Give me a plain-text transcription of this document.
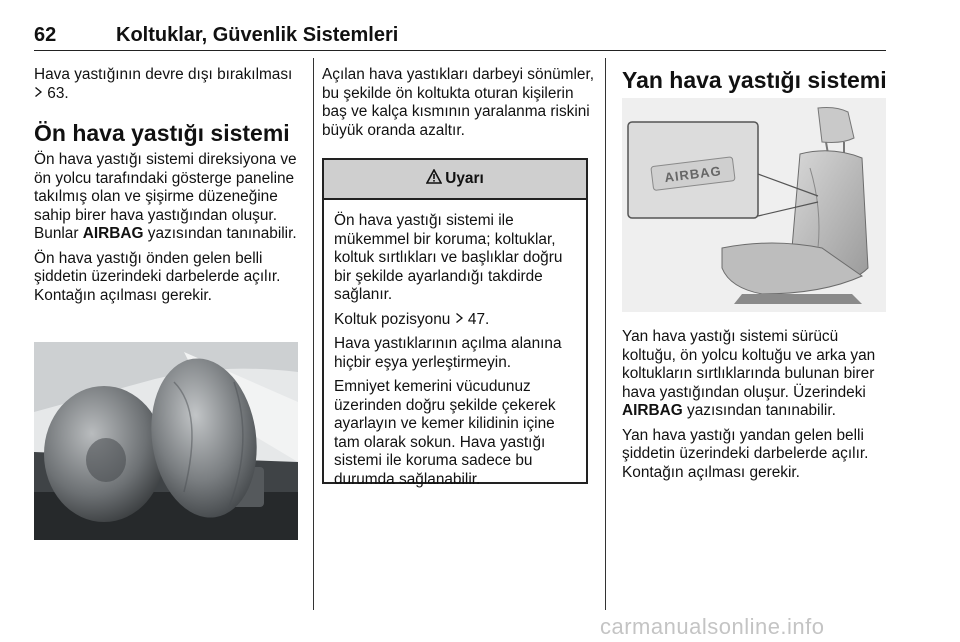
62	Koltuklar, Güvenlik Sistemleri

Hava yastığının devre dışı bırakılması  63.

Ön hava yastığı sistemi

Ön hava yastığı sistemi direksiyona ve ön yolcu tarafındaki gösterge paneline takılmış olan ve şişirme düzeneğine sahip birer hava yastığından oluşur. Bunlar AIRBAG yazısından tanınabilir.

Ön hava yastığı önden gelen belli şiddetin üzerindeki darbelerde açılır. Kontağın açılması gerekir.

Açılan hava yastıkları darbeyi sönümler, bu şekilde ön koltukta oturan kişilerin baş ve kalça kısmının yaralanma riskini büyük oranda azaltır.

Uyarı

Ön hava yastığı sistemi ile mükemmel bir koruma; koltuklar, koltuk sırtlıkları ve başlıklar doğru bir şekilde ayarlandığı takdirde sağlanır.

Koltuk pozisyonu 47.

Hava yastıklarının açılma alanına hiçbir eşya yerleştirmeyin.

Emniyet kemerini vücudunuz üzerinden doğru şekilde çekerek ayarlayın ve kemer kilidinin içine tam olarak sokun. Hava yastığı sistemi ile koruma sadece bu durumda sağlanabilir.

Yan hava yastığı sistemi
AIRBAG

Yan hava yastığı sistemi sürücü koltuğu, ön yolcu koltuğu ve arka yan koltukların sırtlıklarında bulunan birer hava yastığından oluşur. Üzerindeki AIRBAG yazısından tanınabilir.

Yan hava yastığı yandan gelen belli şiddetin üzerindeki darbelerde açılır. Kontağın açılması gerekir.

carmanualsonline.info
